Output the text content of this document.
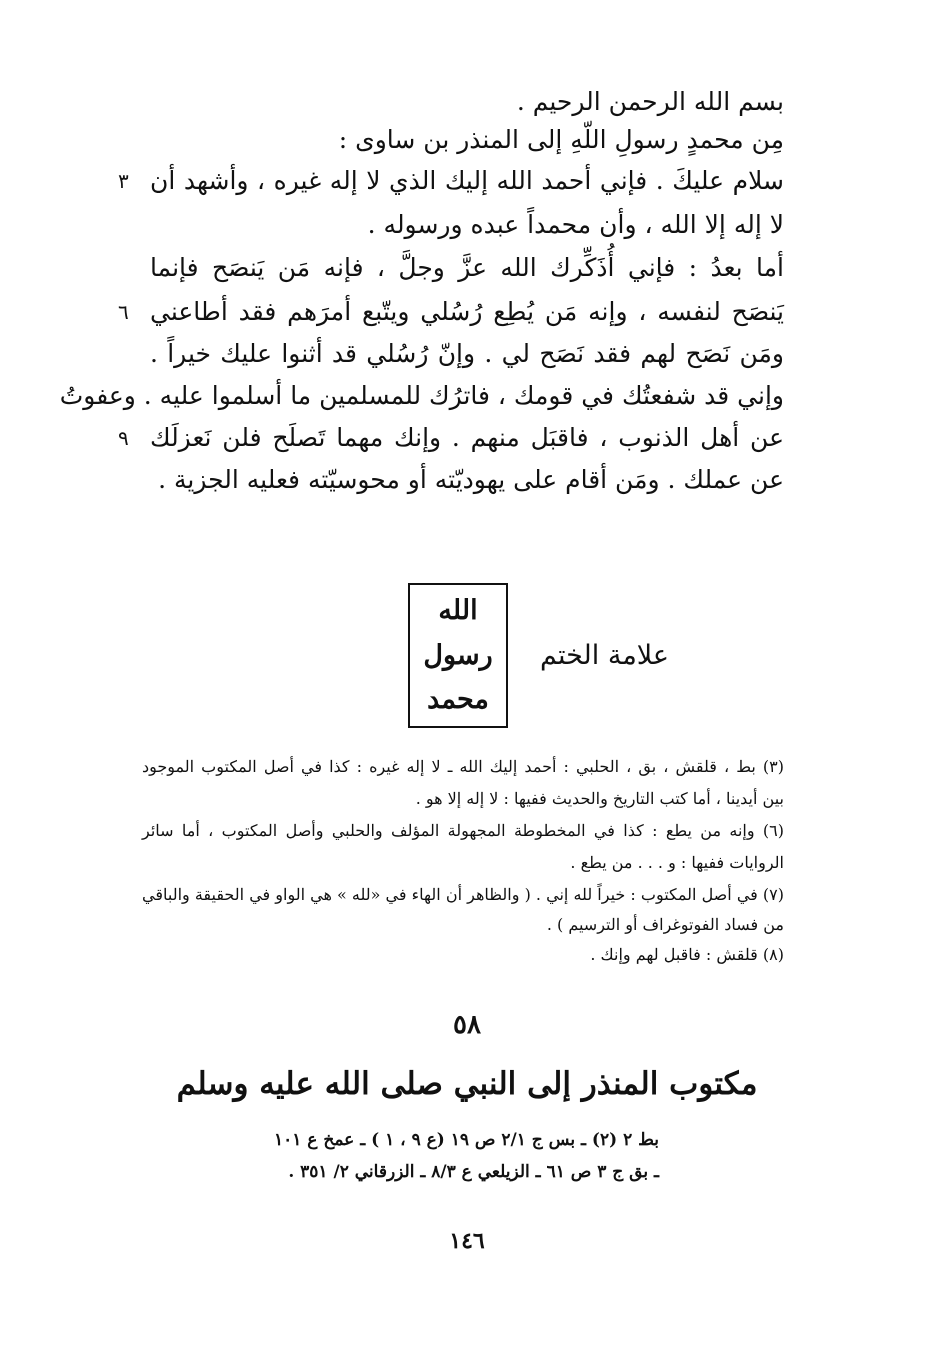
بسم الله الرحمن الرحيم .
مِن محمدٍ رسولِ اللّهِ إلى المنذر بن ساوى :
سلام عليكَ . فإني أحمد الله إليك الذي لا إله غيره ، وأشهد أن
٣
لا إله إلا الله ، وأن محمداً عبده ورسوله .
أما بعدُ : فإني أُذَكِّرك الله عزَّ وجلَّ ، فإنه مَن يَنصَح فإنما
يَنصَح لنفسه ، وإنه مَن يُطِع رُسُلي ويتّبع أمرَهم فقد أطاعني
٦
ومَن نَصَح لهم فقد نَصَح لي . وإنّ رُسُلي قد أثنوا عليك خيراً .
وإني قد شفعتُك في قومك ، فاترُك للمسلمين ما أسلموا عليه . وعفوتُ
عن أهل الذنوب ، فاقبَل منهم . وإنك مهما تَصلَح فلن نَعزلَك
٩
عن عملك . ومَن أقام على يهوديّته أو محوسيّته فعليه الجزية .
علامة الختم
الله
رسول
محمد
(٣) بط ، قلقش ، بق ، الحلبي : أحمد إليك الله ـ لا إله غيره : كذا في أصل المكتوب الموجود
بين أيدينا ، أما كتب التاريخ والحديث ففيها : لا إله إلا هو .
(٦) وإنه من يطع : كذا في المخطوطة المجهولة المؤلف والحلبي وأصل المكتوب ، أما سائر
الروايات ففيها : و . . . من يطع .
(٧) في أصل المكتوب : خيراً لله إني . ( والظاهر أن الهاء في «لله » هي الواو في الحقيقة والباقي
من فساد الفوتوغراف أو الترسيم ) .
(٨) قلقش : فاقبل لهم وإنك .
٥٨
مكتوب المنذر إلى النبي صلى الله عليه وسلم
بط ٢ (٢) ـ بس ج ٢/١ ص ١٩ (ع ٩ ، ١ ) ـ عمخ ع ١٠١
ـ بق ج ٣ ص ٦١ ـ الزيلعي ع ٨/٣ ـ الزرقاني ٢/ ٣٥١ .
١٤٦
